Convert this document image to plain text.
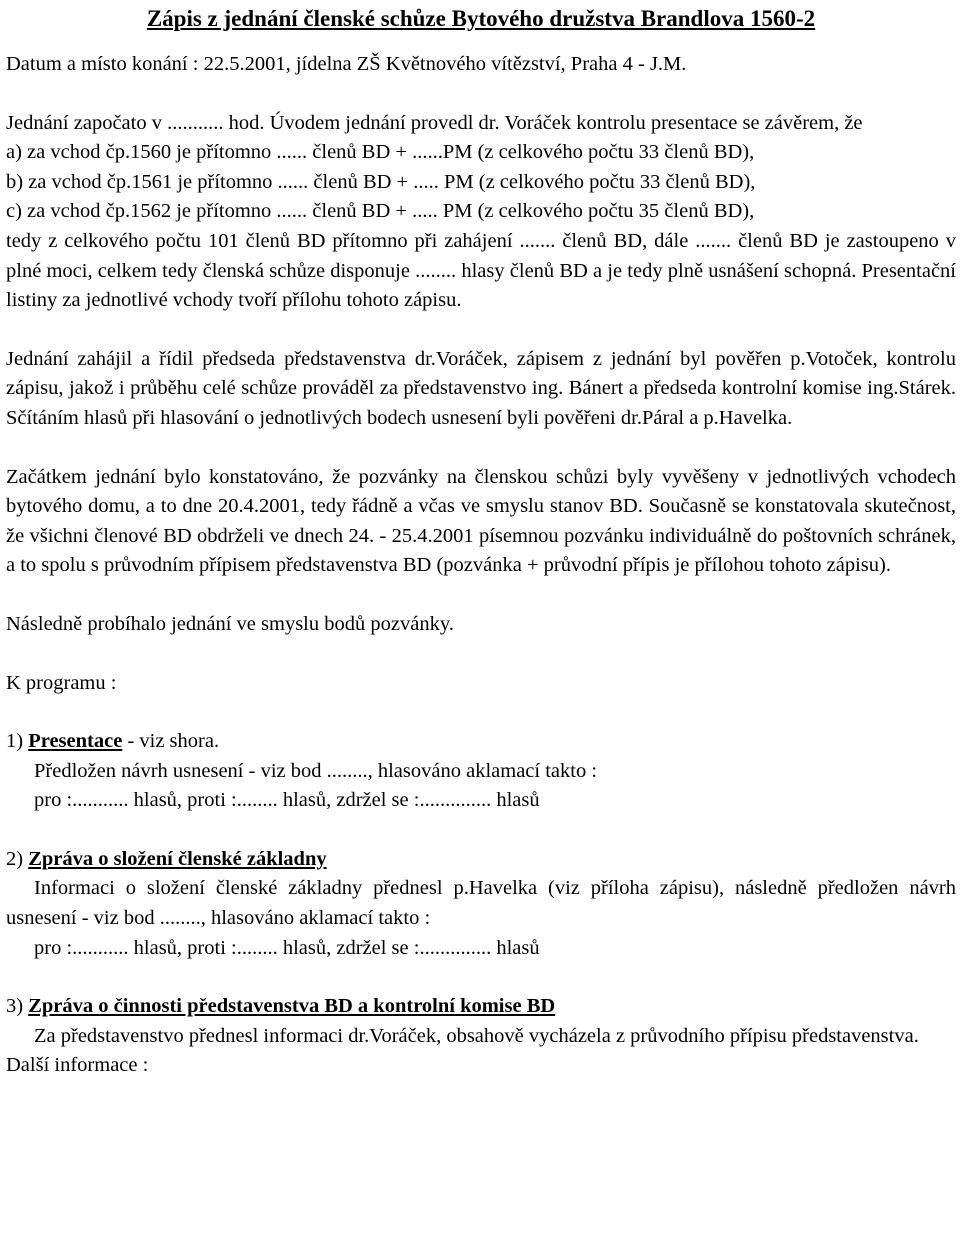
Zápis z jednání členské schůze Bytového družstva Brandlova 1560-2

Datum a místo konání : 22.5.2001, jídelna ZŠ Květnového vítězství, Praha 4 - J.M.

Jednání započato v ........... hod. Úvodem jednání provedl dr. Voráček kontrolu presentace se závěrem, že

a) za vchod čp.1560 je přítomno ...... členů BD + ......PM (z celkového počtu 33 členů BD),

b) za vchod čp.1561 je přítomno ...... členů BD + ..... PM (z celkového počtu 33 členů BD),

c) za vchod čp.1562 je přítomno ...... členů BD + ..... PM (z celkového počtu 35 členů BD),

tedy z celkového počtu 101 členů BD přítomno při zahájení ....... členů BD, dále ....... členů BD je zastoupeno v plné moci, celkem tedy členská schůze disponuje ........ hlasy členů BD a je tedy plně usnášení schopná. Presentační listiny za jednotlivé vchody tvoří přílohu tohoto zápisu.

Jednání zahájil a řídil předseda představenstva dr.Voráček, zápisem z jednání byl pověřen p.Votoček, kontrolu zápisu, jakož i průběhu celé schůze prováděl za představenstvo ing. Bánert a předseda kontrolní komise ing.Stárek. Sčítáním hlasů při hlasování o jednotlivých bodech usnesení byli pověřeni dr.Páral a p.Havelka.

Začátkem jednání bylo konstatováno, že pozvánky na členskou schůzi byly vyvěšeny v jednotlivých vchodech bytového domu, a to dne 20.4.2001, tedy řádně a včas ve smyslu stanov BD. Současně se konstatovala skutečnost, že všichni členové BD obdrželi ve dnech 24. - 25.4.2001 písemnou pozvánku individuálně do poštovních schránek, a to spolu s průvodním přípisem představenstva BD (pozvánka + průvodní přípis je přílohou tohoto zápisu).

Následně probíhalo jednání ve smyslu bodů pozvánky.

K programu :

1) Presentace - viz shora.

Předložen návrh usnesení - viz bod ........, hlasováno aklamací takto :

pro :........... hlasů, proti :........ hlasů, zdržel se :.............. hlasů

2) Zpráva o složení členské základny

Informaci o složení členské základny přednesl p.Havelka (viz příloha zápisu), následně předložen návrh usnesení - viz bod ........, hlasováno aklamací takto :

pro :........... hlasů, proti :........ hlasů, zdržel se :.............. hlasů

3) Zpráva o činnosti představenstva BD a kontrolní komise BD

Za představenstvo přednesl informaci dr.Voráček, obsahově vycházela z průvodního přípisu představenstva.

Další informace :
